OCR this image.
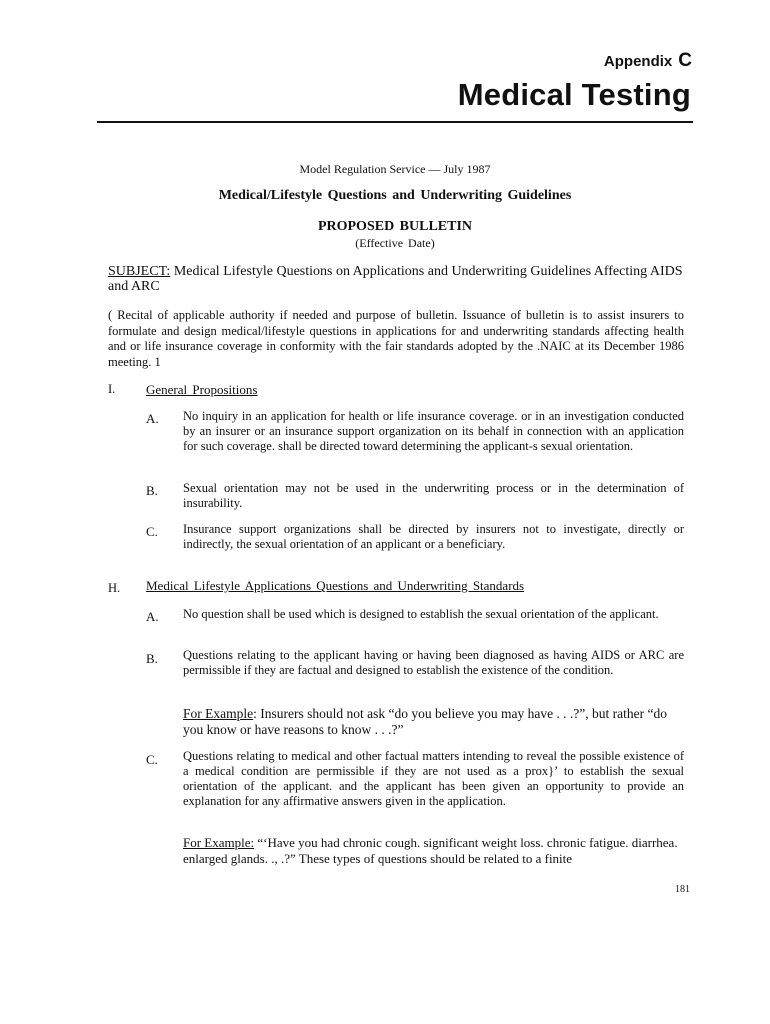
Appendix C
Medical Testing
Model Regulation Service — July 1987
Medical/Lifestyle Questions and Underwriting Guidelines
PROPOSED BULLETIN
(Effective Date)
SUBJECT: Medical Lifestyle Questions on Applications and Underwriting Guidelines Affecting AIDS and ARC
( Recital of applicable authority if needed and purpose of bulletin. Issuance of bulletin is to assist insurers to formulate and design medical/lifestyle questions in applications for and underwriting standards affecting health and or life insurance coverage in conformity with the fair standards adopted by the .NAIC at its December 1986 meeting. 1
I. General Propositions
A. No inquiry in an application for health or life insurance coverage. or in an investigation conducted by an insurer or an insurance support organization on its behalf in connection with an application for such coverage. shall be directed toward determining the applicant-s sexual orientation.
B. Sexual orientation may not be used in the underwriting process or in the determination of insurability.
C. Insurance support organizations shall be directed by insurers not to investigate, directly or indirectly, the sexual orientation of an applicant or a beneficiary.
H. Medical Lifestyle Applications Questions and Underwriting Standards
A. No question shall be used which is designed to establish the sexual orientation of the applicant.
B. Questions relating to the applicant having or having been diagnosed as having AIDS or ARC are permissible if they are factual and designed to establish the existence of the condition.
For Example: Insurers should not ask “do you believe you may have . . .?”, but rather “do you know or have reasons to know . . .?”
C. Questions relating to medical and other factual matters intending to reveal the possible existence of a medical condition are permissible if they are not used as a prox}’ to establish the sexual orientation of the applicant. and the applicant has been given an opportunity to provide an explanation for any affirmative answers given in the application.
For Example: “‘Have you had chronic cough. significant weight loss. chronic fatigue. diarrhea. enlarged glands. ., .?” These types of questions should be related to a finite
181
